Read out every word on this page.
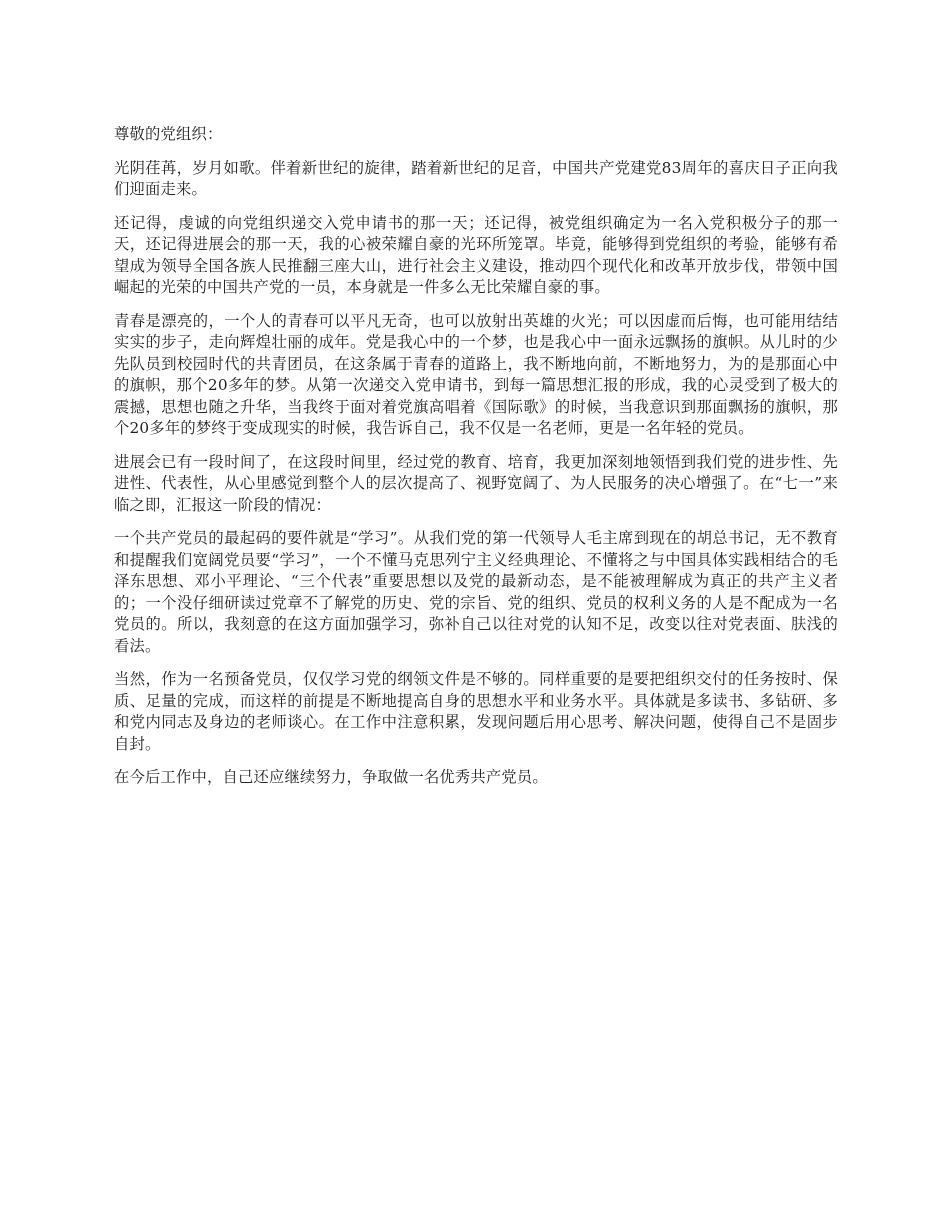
尊敬的党组织：

光阴荏苒，岁月如歌。伴着新世纪的旋律，踏着新世纪的足音，中国共产党建党83周年的喜庆日子正向我们迎面走来。

还记得，虔诚的向党组织递交入党申请书的那一天；还记得，被党组织确定为一名入党积极分子的那一天，还记得进展会的那一天，我的心被荣耀自豪的光环所笼罩。毕竟，能够得到党组织的考验，能够有希望成为领导全国各族人民推翻三座大山，进行社会主义建设，推动四个现代化和改革开放步伐，带领中国崛起的光荣的中国共产党的一员，本身就是一件多么无比荣耀自豪的事。

青春是漂亮的，一个人的青春可以平凡无奇，也可以放射出英雄的火光；可以因虚而后悔，也可能用结结实实的步子，走向辉煌壮丽的成年。党是我心中的一个梦，也是我心中一面永远飘扬的旗帜。从儿时的少先队员到校园时代的共青团员，在这条属于青春的道路上，我不断地向前，不断地努力，为的是那面心中的旗帜，那个20多年的梦。从第一次递交入党申请书，到每一篇思想汇报的形成，我的心灵受到了极大的震撼，思想也随之升华，当我终于面对着党旗高唱着《国际歌》的时候，当我意识到那面飘扬的旗帜，那个20多年的梦终于变成现实的时候，我告诉自己，我不仅是一名老师，更是一名年轻的党员。

进展会已有一段时间了，在这段时间里，经过党的教育、培育，我更加深刻地领悟到我们党的进步性、先进性、代表性，从心里感觉到整个人的层次提高了、视野宽阔了、为人民服务的决心增强了。在“七一”来临之即，汇报这一阶段的情况：

一个共产党员的最起码的要件就是“学习”。从我们党的第一代领导人毛主席到现在的胡总书记，无不教育和提醒我们宽阔党员要“学习”，一个不懂马克思列宁主义经典理论、不懂将之与中国具体实践相结合的毛泽东思想、邓小平理论、“三个代表”重要思想以及党的最新动态，是不能被理解成为真正的共产主义者的；一个没仔细研读过党章不了解党的历史、党的宗旨、党的组织、党员的权利义务的人是不配成为一名党员的。所以，我刻意的在这方面加强学习，弥补自己以往对党的认知不足，改变以往对党表面、肤浅的看法。

当然，作为一名预备党员，仅仅学习党的纲领文件是不够的。同样重要的是要把组织交付的任务按时、保质、足量的完成，而这样的前提是不断地提高自身的思想水平和业务水平。具体就是多读书、多钻研、多和党内同志及身边的老师谈心。在工作中注意积累，发现问题后用心思考、解决问题，使得自己不是固步自封。

在今后工作中，自己还应继续努力，争取做一名优秀共产党员。
